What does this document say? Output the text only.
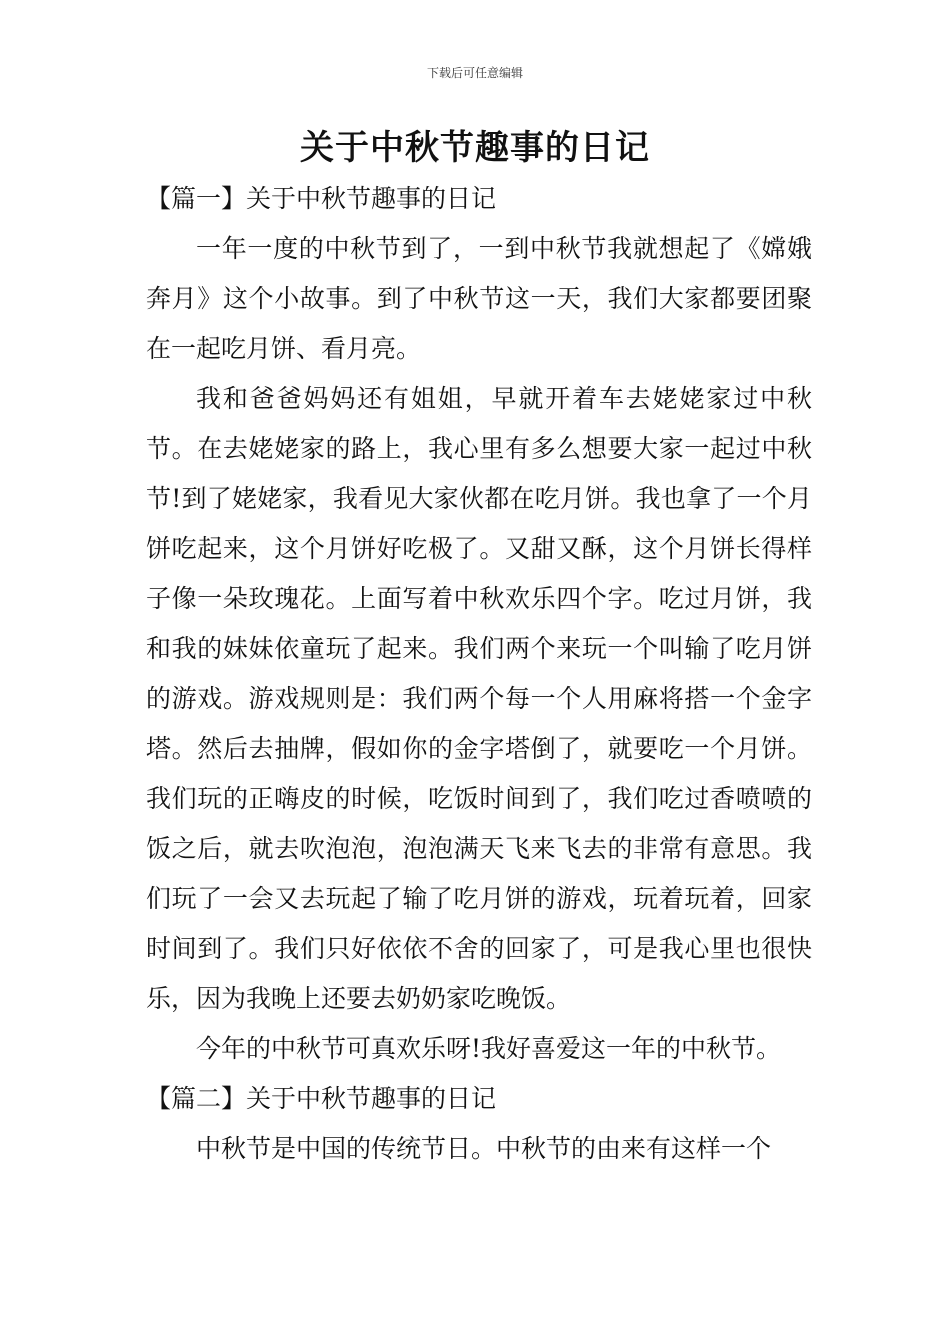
下载后可任意编辑
关于中秋节趣事的日记
【篇一】关于中秋节趣事的日记

一年一度的中秋节到了，一到中秋节我就想起了《嫦娥奔月》这个小故事。到了中秋节这一天，我们大家都要团聚在一起吃月饼、看月亮。

我和爸爸妈妈还有姐姐，早就开着车去姥姥家过中秋节。在去姥姥家的路上，我心里有多么想要大家一起过中秋节!到了姥姥家，我看见大家伙都在吃月饼。我也拿了一个月饼吃起来，这个月饼好吃极了。又甜又酥，这个月饼长得样子像一朵玫瑰花。上面写着中秋欢乐四个字。吃过月饼，我和我的妹妹依童玩了起来。我们两个来玩一个叫输了吃月饼的游戏。游戏规则是：我们两个每一个人用麻将搭一个金字塔。然后去抽牌，假如你的金字塔倒了，就要吃一个月饼。我们玩的正嗨皮的时候，吃饭时间到了，我们吃过香喷喷的饭之后，就去吹泡泡，泡泡满天飞来飞去的非常有意思。我们玩了一会又去玩起了输了吃月饼的游戏，玩着玩着，回家时间到了。我们只好依依不舍的回家了，可是我心里也很快乐，因为我晚上还要去奶奶家吃晚饭。

今年的中秋节可真欢乐呀!我好喜爱这一年的中秋节。

【篇二】关于中秋节趣事的日记

中秋节是中国的传统节日。中秋节的由来有这样一个
